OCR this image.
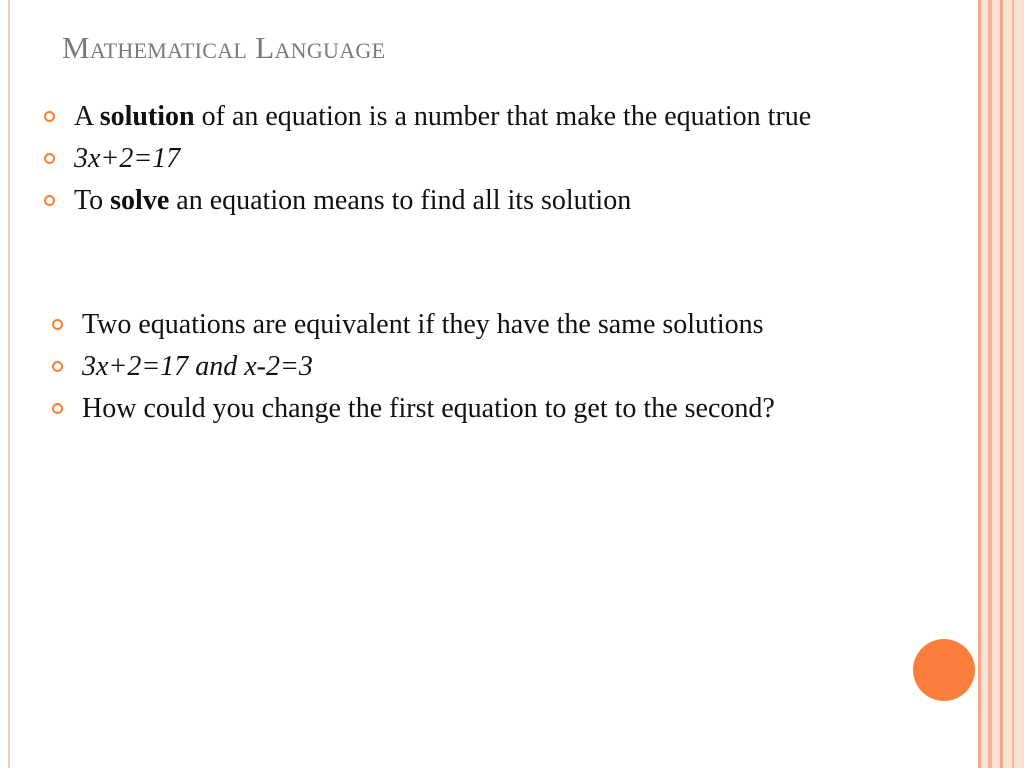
Mathematical Language
A solution of an equation is a number that make the equation true
3x+2=17
To solve an equation means to find all its solution
Two equations are equivalent if they have the same solutions
3x+2=17 and x-2=3
How could you change the first equation to get to the second?
